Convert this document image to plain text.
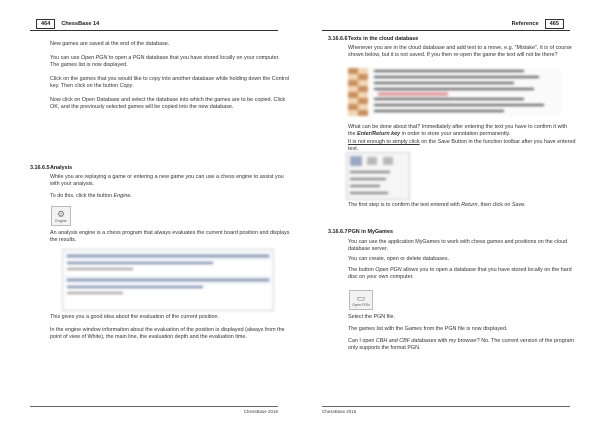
464	ChessBase 14
New games are saved at the end of the database.
You can use Open PGN to open a PGN database that you have stored locally on your computer. The games list is now displayed.
Click on the games that you would like to copy into another database while holding down the Control key. Then click on the button Copy.
Now click on Open Database and select the database into which the games are to be copied. Click OK, and the previously selected games will be copied into the new database.
3.16.6.5 Analysis
While you are replaying a game or entering a new game you can use a chess engine to assist you with your analysis.
To do this, click the button Engine.
⚙
Engine
An analysis engine is a chess program that always evaluates the current board position and displays the results.
This gives you a good idea about the evaluation of the current position.
In the engine window information about the evaluation of the position is displayed (always from the point of view of White), the main line, the evaluation depth and the evaluation time.
ChessBase 2016
Reference	465
3.16.6.6 Texts in the cloud database
Whenever you are in the cloud database and add text to a move, e.g. "Mistake", it is of course shown below, but it is not saved. If you then re-open the game the text will not be there?
What can be done about that? Immediately after entering the text you have to confirm it with the Enter/Return key in order to store your annotation permanently.
It is not enough to simply click on the Save Button in the function toolbar after you have entered text.
The first step is to confirm the text entered with Return, then click on Save.
3.16.6.7 PGN in MyGames
You can use the application MyGames to work with chess games and positions on the cloud database server.
You can create, open or delete databases.
The button Open PGN allows you to open a database that you have stored locally on the hard disc on your own computer.
▭
Open PGN
Select the PGN file.
The games list with the Games from the PGN file is now displayed.
Can I open CBH and CBF databases with my browser? No. The current version of the program only supports the format PGN.
ChessBase 2016
